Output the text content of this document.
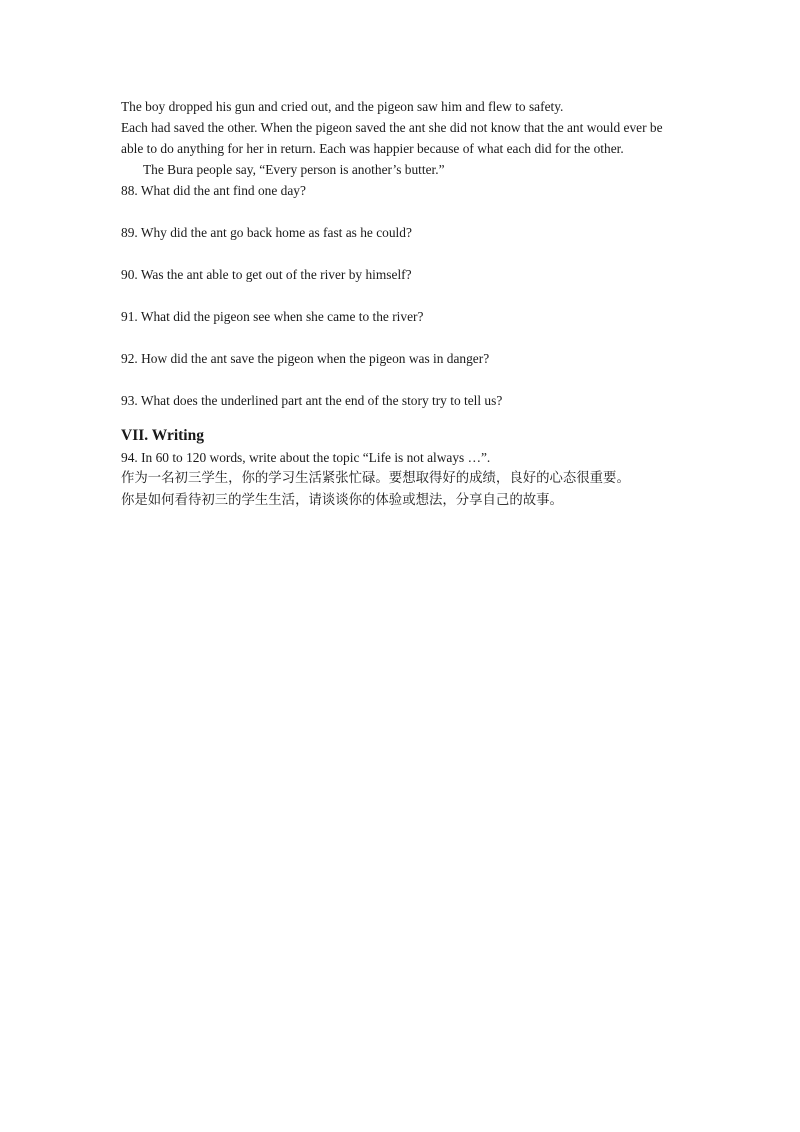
The boy dropped his gun and cried out, and the pigeon saw him and flew to safety.
Each had saved the other. When the pigeon saved the ant she did not know that the ant would ever be able to do anything for her in return. Each was happier because of what each did for the other.
The Bura people say, “Every person is another’s butter.”
88. What did the ant find one day?
89. Why did the ant go back home as fast as he could?
90. Was the ant able to get out of the river by himself?
91. What did the pigeon see when she came to the river?
92. How did the ant save the pigeon when the pigeon was in danger?
93. What does the underlined part ant the end of the story try to tell us?
VII. Writing
94. In 60 to 120 words, write about the topic “Life is not always …”.
作为一名初三学生，你的学习生活紧张忙碌。要想取得好的成绩，良好的心态很重要。
你是如何看待初三的学生生活，请谈谈你的体验或想法，分享自己的故事。
